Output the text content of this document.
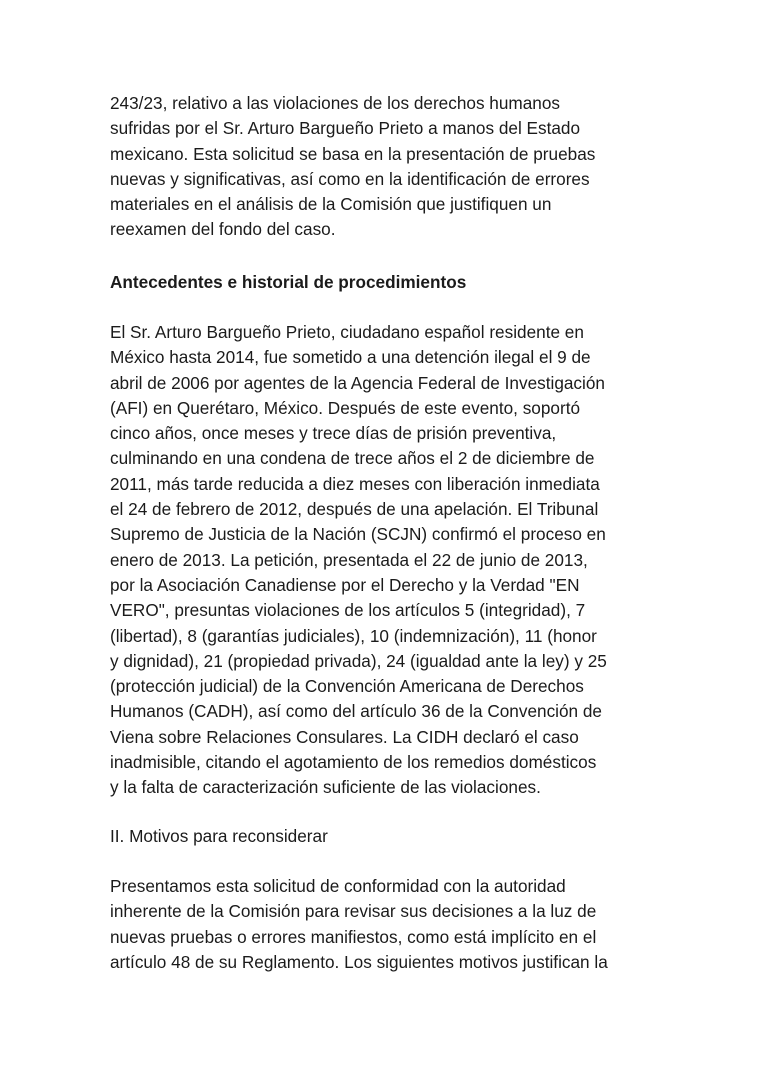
243/23, relativo a las violaciones de los derechos humanos

sufridas por el Sr. Arturo Bargueño Prieto a manos del Estado

mexicano. Esta solicitud se basa en la presentación de pruebas

nuevas y significativas, así como en la identificación de errores

materiales en el análisis de la Comisión que justifiquen un

reexamen del fondo del caso.

Antecedentes e historial de procedimientos

El Sr. Arturo Bargueño Prieto, ciudadano español residente en

México hasta 2014, fue sometido a una detención ilegal el 9 de

abril de 2006 por agentes de la Agencia Federal de Investigación

(AFI) en Querétaro, México. Después de este evento, soportó

cinco años, once meses y trece días de prisión preventiva,

culminando en una condena de trece años el 2 de diciembre de

2011, más tarde reducida a diez meses con liberación inmediata

el 24 de febrero de 2012, después de una apelación. El Tribunal

Supremo de Justicia de la Nación (SCJN) confirmó el proceso en

enero de 2013. La petición, presentada el 22 de junio de 2013,

por la Asociación Canadiense por el Derecho y la Verdad "EN

VERO", presuntas violaciones de los artículos 5 (integridad), 7

(libertad), 8 (garantías judiciales), 10 (indemnización), 11 (honor

y dignidad), 21 (propiedad privada), 24 (igualdad ante la ley) y 25

(protección judicial) de la Convención Americana de Derechos

Humanos (CADH), así como del artículo 36 de la Convención de

Viena sobre Relaciones Consulares. La CIDH declaró el caso

inadmisible, citando el agotamiento de los remedios domésticos

y la falta de caracterización suficiente de las violaciones.

II. Motivos para reconsiderar

Presentamos esta solicitud de conformidad con la autoridad

inherente de la Comisión para revisar sus decisiones a la luz de

nuevas pruebas o errores manifiestos, como está implícito en el

artículo 48 de su Reglamento. Los siguientes motivos justifican la
